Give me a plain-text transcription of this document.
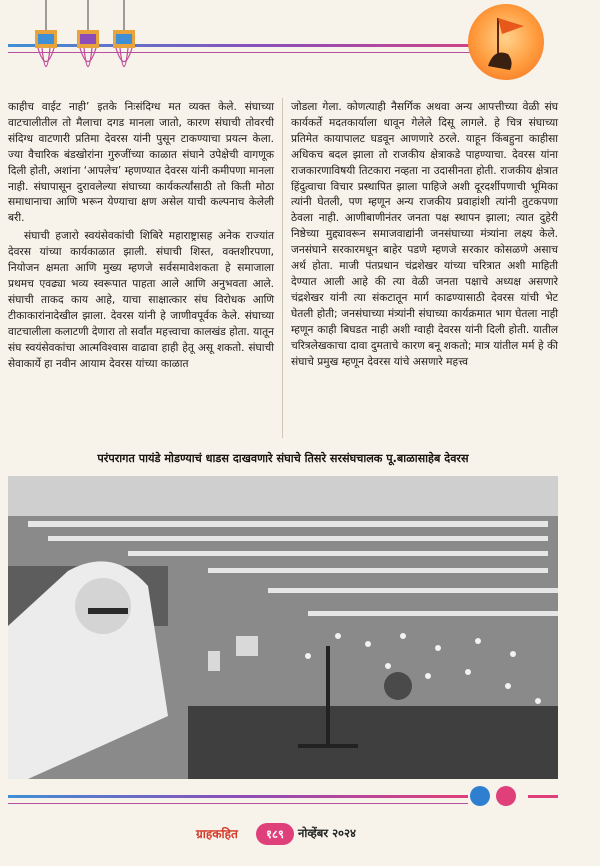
काहीच वाईट नाही’ इतके निःसंदिग्ध मत व्यक्त केले. संघाच्या वाटचालीतील तो मैलाचा दगड मानला जातो, कारण संघाची तोवरची संदिग्ध वाटणारी प्रतिमा देवरस यांनी पुसून टाकण्याचा प्रयत्न केला. ज्या वैचारिक बंडखोरांना गुरुजींच्या काळात संघाने उपेक्षेची वागणूक दिली होती, अशांना ‘आपलेच’ म्हणण्यात देवरस यांनी कमीपणा मानला नाही. संघापासून दुरावलेल्या संघाच्या कार्यकर्त्यांसाठी तो किती मोठा समाधानाचा आणि भरून येण्याचा क्षण असेल याची कल्पनाच केलेली बरी.

संघाची हजारो स्वयंसेवकांची शिबिरे महाराष्ट्रासह अनेक राज्यांत देवरस यांच्या कार्यकाळात झाली. संघाची शिस्त, वक्तशीरपणा, नियोजन क्षमता आणि मुख्य म्हणजे सर्वसमावेशकता हे समाजाला प्रथमच एवढ्या भव्य स्वरूपात पाहता आले आणि अनुभवता आले. संघाची ताकद काय आहे, याचा साक्षात्कार संघ विरोधक आणि टीकाकारांनादेखील झाला. देवरस यांनी हे जाणीवपूर्वक केले. संघाच्या वाटचालीला कलाटणी देणारा तो सर्वांत महत्त्वाचा कालखंड होता. यातून संघ स्वयंसेवकांचा आत्मविश्वास वाढावा हाही हेतू असू शकतो. संघाची सेवाकार्ये हा नवीन आयाम देवरस यांच्या काळात

जोडला गेला. कोणत्याही नैसर्गिक अथवा अन्य आपत्तीच्या वेळी संघ कार्यकर्ते मदतकार्याला धावून गेलेले दिसू लागले. हे चित्र संघाच्या प्रतिमेत कायापालट घडवून आणणारे ठरले. याहून किंबहुना काहीसा अधिकच बदल झाला तो राजकीय क्षेत्राकडे पाहण्याचा. देवरस यांना राजकारणाविषयी तिटकारा नव्हता ना उदासीनता होती. राजकीय क्षेत्रात हिंदुत्वाचा विचार प्रस्थापित झाला पाहिजे अशी दूरदर्शीपणाची भूमिका त्यांनी घेतली, पण म्हणून अन्य राजकीय प्रवाहांशी त्यांनी तुटकपणा ठेवला नाही. आणीबाणीनंतर जनता पक्ष स्थापन झाला; त्यात दुहेरी निष्ठेच्या मुद्द्यावरून समाजवाद्यांनी जनसंघाच्या मंत्र्यांना लक्ष्य केले. जनसंघाने सरकारमधून बाहेर पडणे म्हणजे सरकार कोसळणे असाच अर्थ होता. माजी पंतप्रधान चंद्रशेखर यांच्या चरित्रात अशी माहिती देण्यात आली आहे की त्या वेळी जनता पक्षाचे अध्यक्ष असणारे चंद्रशेखर यांनी त्या संकटातून मार्ग काढण्यासाठी देवरस यांची भेट घेतली होती; जनसंघाच्या मंत्र्यांनी संघाच्या कार्यक्रमात भाग घेतला नाही म्हणून काही बिघडत नाही अशी ग्वाही देवरस यांनी दिली होती. यातील चरित्रलेखकाचा दावा दुमताचे कारण बनू शकतो; मात्र यांतील मर्म हे की संघाचे प्रमुख म्हणून देवरस यांचे असणारे महत्त्व

परंपरागत पायंडे मोडण्याचं धाडस दाखवणारे संघाचे तिसरे सरसंघचालक पू.बाळासाहेब देवरस
ग्राहकहित	१८९	नोव्हेंबर २०२४
